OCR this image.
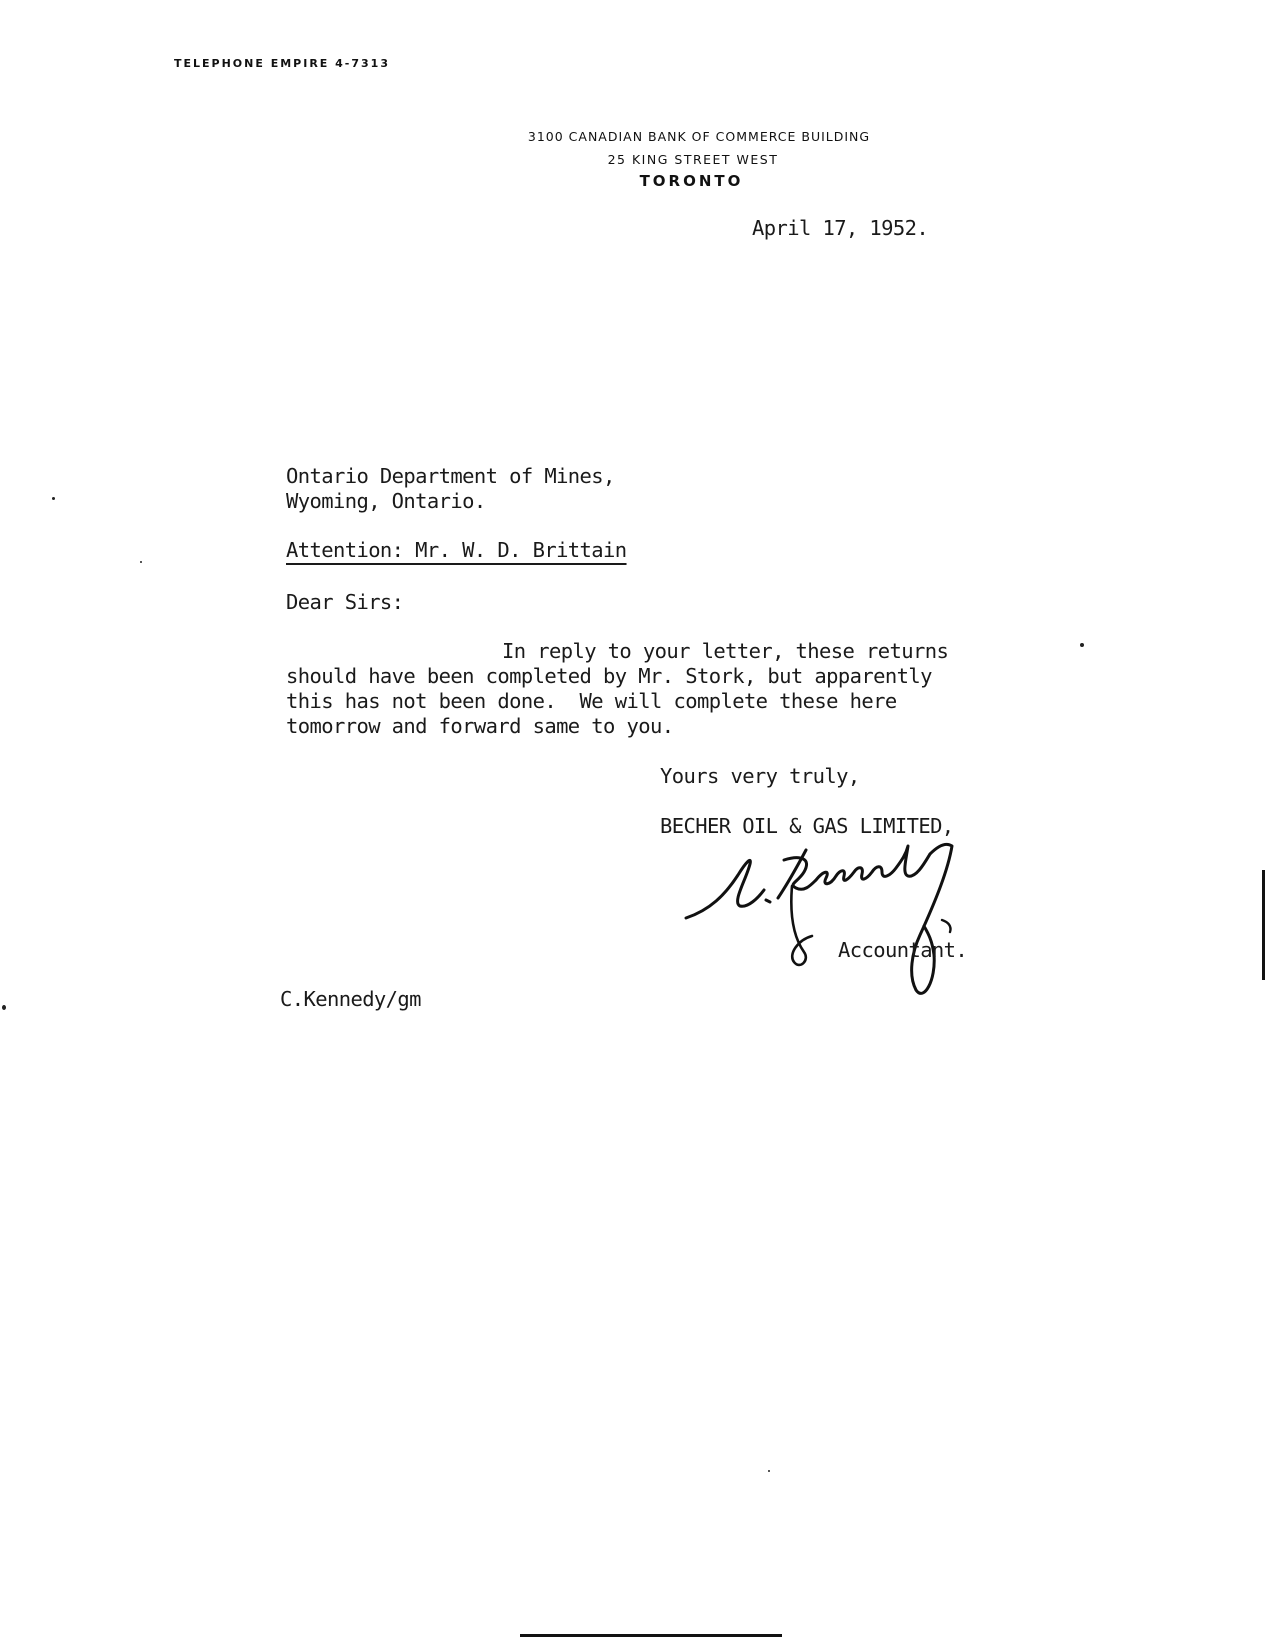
TELEPHONE EMPIRE 4-7313
3100 CANADIAN BANK OF COMMERCE BUILDING
25 KING STREET WEST
TORONTO
April 17, 1952.
Ontario Department of Mines,
Wyoming, Ontario.
Attention: Mr. W. D. Brittain
Dear Sirs:
In reply to your letter, these returns
should have been completed by Mr. Stork, but apparently
this has not been done.  We will complete these here
tomorrow and forward same to you.
Yours very truly,
BECHER OIL & GAS LIMITED,
Accountant.
C.Kennedy/gm
